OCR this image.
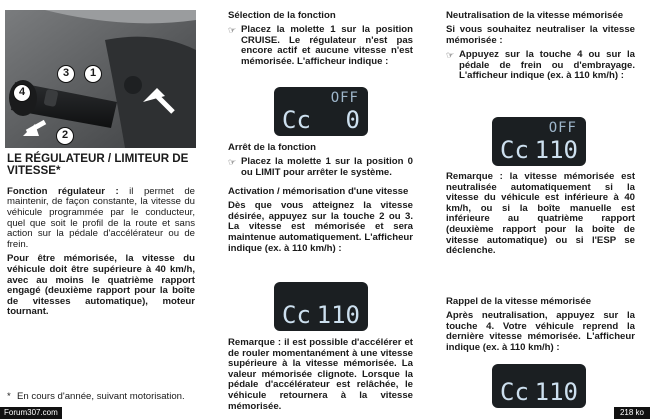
1
2
3
4
LE RÉGULATEUR / LIMITEUR DE VITESSE*

Fonction régulateur : il permet de maintenir, de façon constante, la vitesse du véhicule programmée par le conducteur, quel que soit le profil de la route et sans action sur la pédale d'accélérateur ou de frein.

Pour être mémorisée, la vitesse du véhicule doit être supérieure à 40 km/h, avec au moins le quatrième rapport engagé (deuxième rapport pour la boîte de vitesses automatique), moteur tournant.

* En cours d'année, suivant motorisation.

Sélection de la fonction
☞ Placez la molette 1 sur la position CRUISE. Le régulateur n'est pas encore actif et aucune vitesse n'est mémorisée. L'afficheur indique :

OFF
Cc 0
Arrêt de la fonction
☞ Placez la molette 1 sur la position 0 ou LIMIT pour arrêter le système.

Activation / mémorisation d'une vitesse

Dès que vous atteignez la vitesse désirée, appuyez sur la touche 2 ou 3. La vitesse est mémorisée et sera maintenue automatiquement. L'afficheur indique (ex. à 110 km/h) :

Cc 110

Remarque : il est possible d'accélérer et de rouler momentanément à une vitesse supérieure à la vitesse mémorisée. La valeur mémorisée clignote. Lorsque la pédale d'accélérateur est relâchée, le véhicule retournera à la vitesse mémorisée.

Neutralisation de la vitesse mémorisée

Si vous souhaitez neutraliser la vitesse mémorisée :

☞ Appuyez sur la touche 4 ou sur la pédale de frein ou d'embrayage. L'afficheur indique (ex. à 110 km/h) :

OFF
Cc 110

Remarque : la vitesse mémorisée est neutralisée automatiquement si la vitesse du véhicule est inférieure à 40 km/h, ou si la boîte manuelle est inférieure au quatrième rapport (deuxième rapport pour la boîte de vitesse automatique) ou si l'ESP se déclenche.

Rappel de la vitesse mémorisée

Après neutralisation, appuyez sur la touche 4. Votre véhicule reprend la dernière vitesse mémorisée. L'afficheur indique (ex. à 110 km/h) :

Cc 110
Forum307.com	218 ko
